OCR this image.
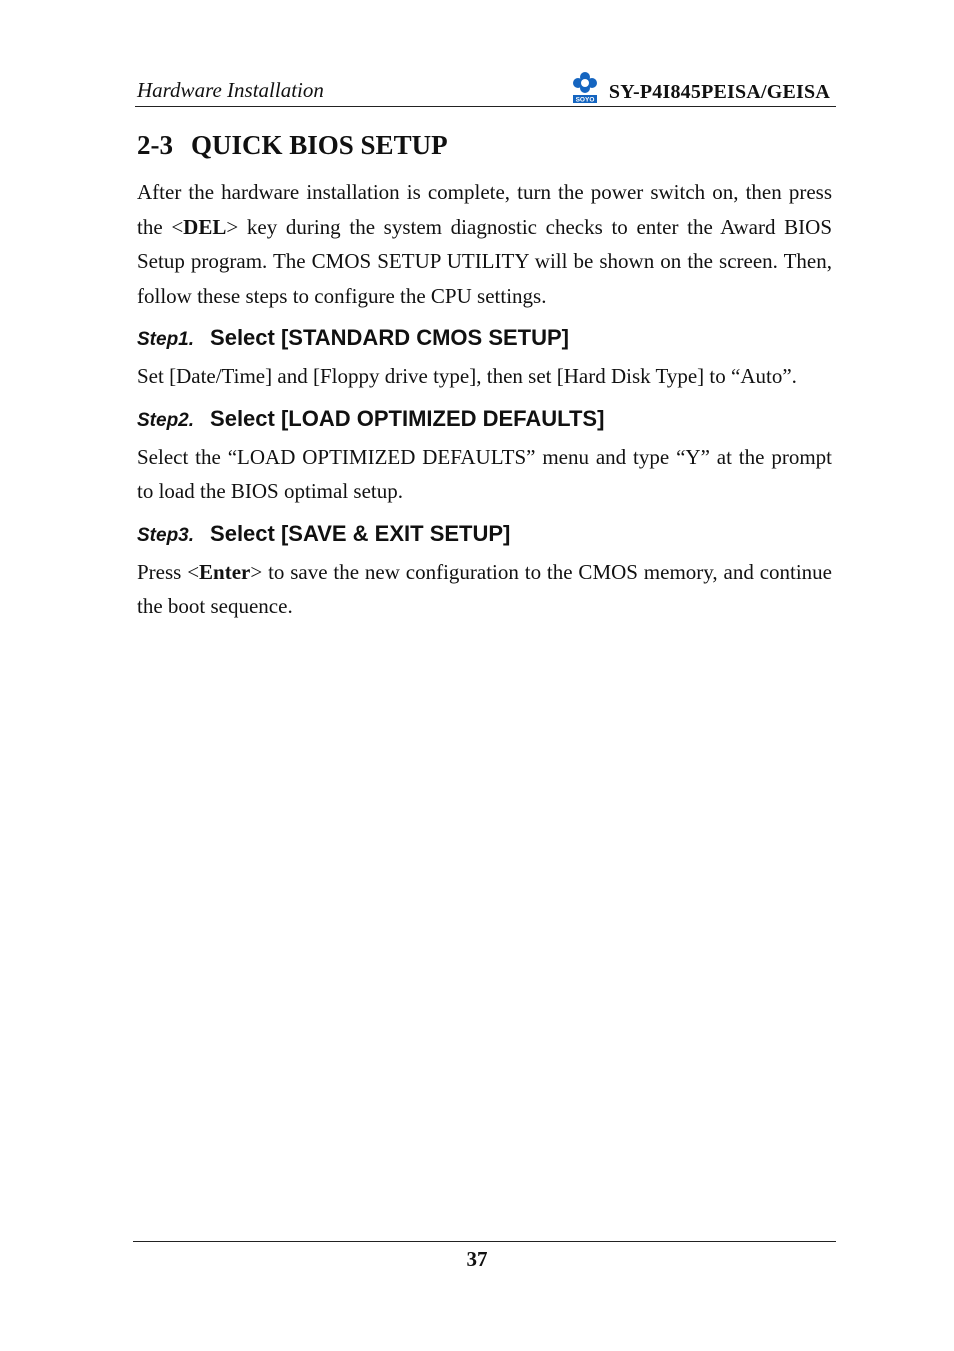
Hardware Installation	SOYO SY-P4I845PEISA/GEISA
2-3 QUICK BIOS SETUP

After the hardware installation is complete, turn the power switch on, then press the <DEL> key during the system diagnostic checks to enter the Award BIOS Setup program. The CMOS SETUP UTILITY will be shown on the screen. Then, follow these steps to configure the CPU settings.

Step1. Select [STANDARD CMOS SETUP]

Set [Date/Time] and [Floppy drive type], then set [Hard Disk Type] to “Auto”.

Step2. Select [LOAD OPTIMIZED DEFAULTS]

Select the “LOAD OPTIMIZED DEFAULTS” menu and type “Y” at the prompt to load the BIOS optimal setup.

Step3. Select [SAVE & EXIT SETUP]

Press <Enter> to save the new configuration to the CMOS memory, and continue the boot sequence.

37
